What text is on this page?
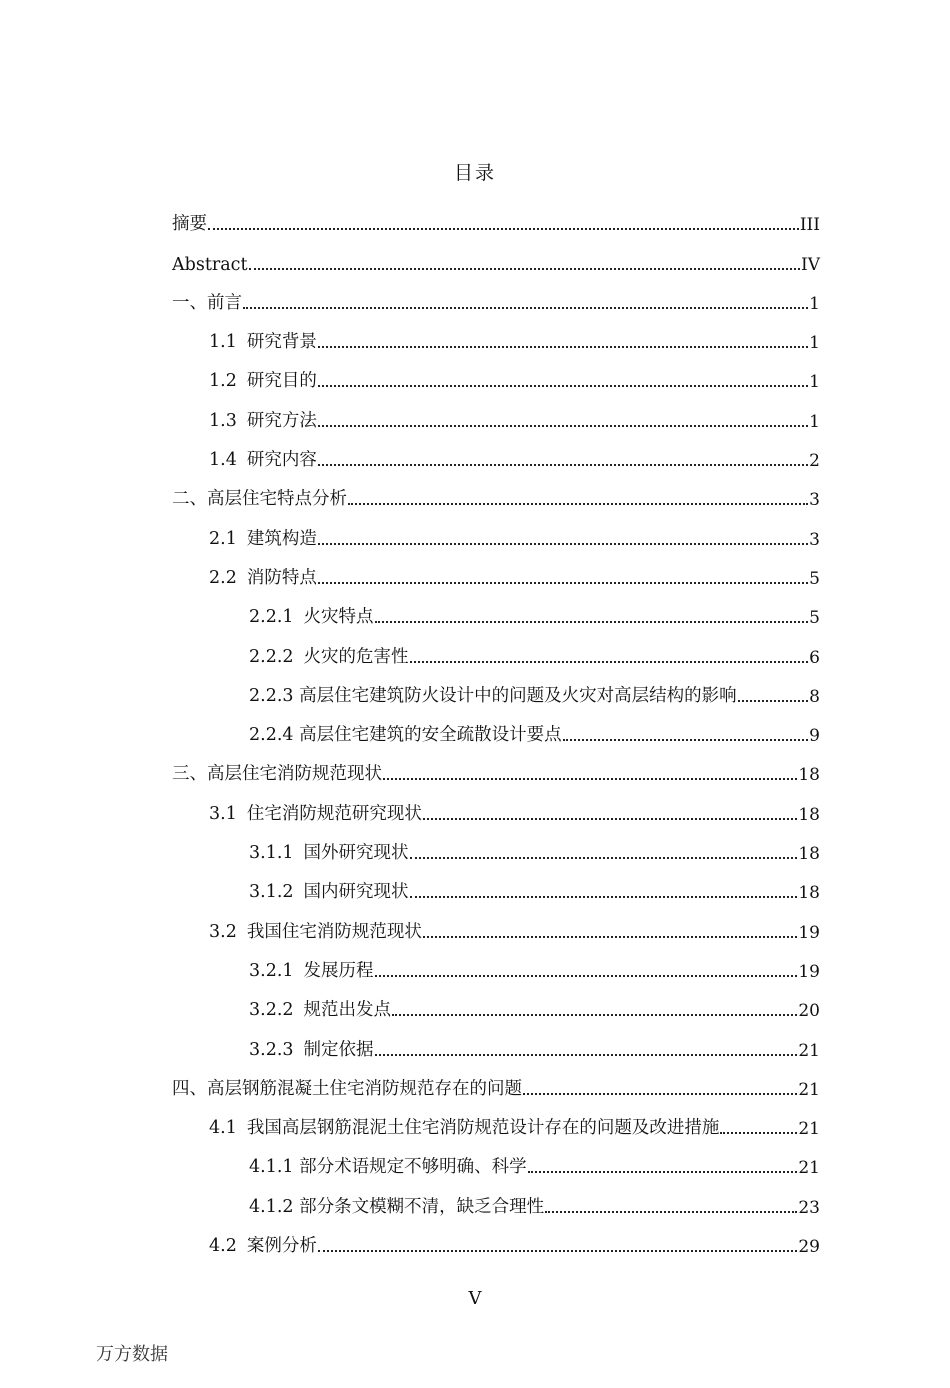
目录
摘要	III
Abstract	IV
一、前言	1
1.1 研究背景	1
1.2 研究目的	1
1.3 研究方法	1
1.4 研究内容	2
二、高层住宅特点分析	3
2.1 建筑构造	3
2.2 消防特点	5
2.2.1 火灾特点	5
2.2.2 火灾的危害性	6
2.2.3 高层住宅建筑防火设计中的问题及火灾对高层结构的影响	8
2.2.4 高层住宅建筑的安全疏散设计要点	9
三、高层住宅消防规范现状	18
3.1 住宅消防规范研究现状	18
3.1.1 国外研究现状	18
3.1.2 国内研究现状	18
3.2 我国住宅消防规范现状	19
3.2.1 发展历程	19
3.2.2 规范出发点	20
3.2.3 制定依据	21
四、高层钢筋混凝土住宅消防规范存在的问题	21
4.1 我国高层钢筋混泥土住宅消防规范设计存在的问题及改进措施	21
4.1.1 部分术语规定不够明确、科学	21
4.1.2 部分条文模糊不清，缺乏合理性	23
4.2 案例分析	29
V
万方数据
